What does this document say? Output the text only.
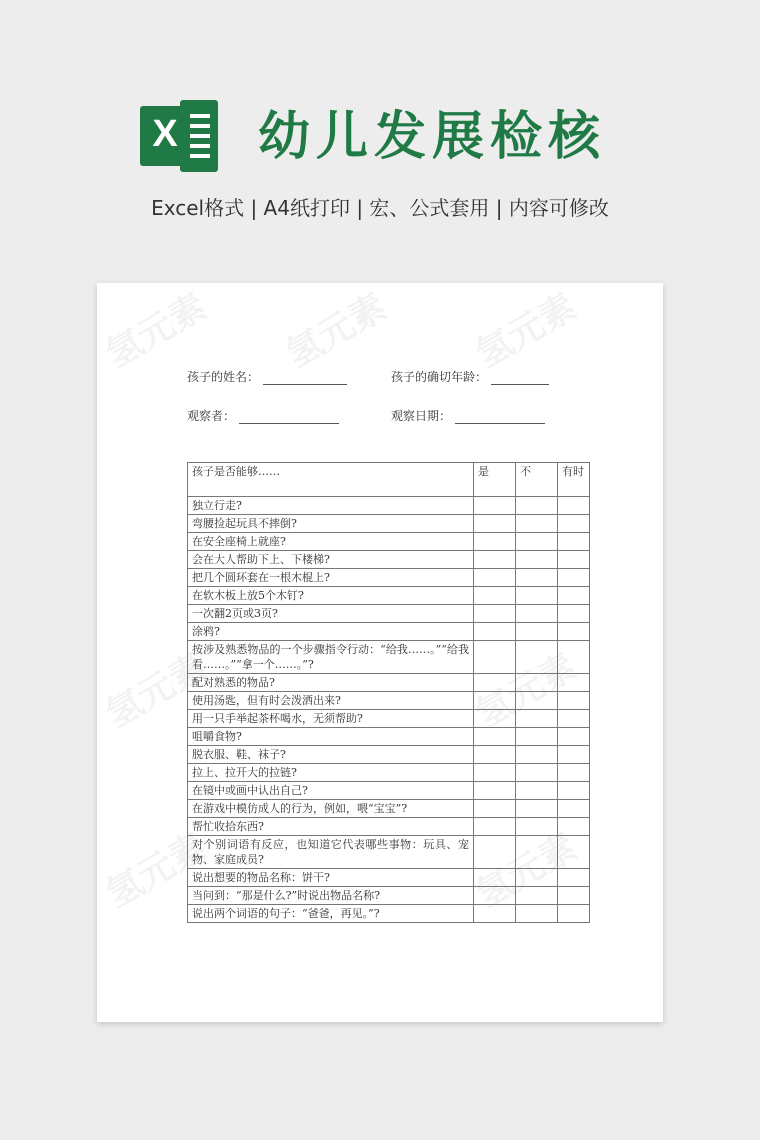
X 幼儿发展检核
Excel格式 | A4纸打印 | 宏、公式套用 | 内容可修改
氢元素 氢元素 氢元素
氢元素	氢元素
氢元素	氢元素
孩子的姓名：	孩子的确切年龄：
观察者：	观察日期：
孩子是否能够……	是	不	有时
独立行走?			
弯腰捡起玩具不摔倒?			
在安全座椅上就座?			
会在大人帮助下上、下楼梯?			
把几个圆环套在一根木棍上?			
在软木板上放5个木钉?			
一次翻2页或3页?			
涂鸦?			
按涉及熟悉物品的一个步骤指令行动：“给我……。”“给我看……。”“拿一个……。”?			
配对熟悉的物品?			
使用汤匙，但有时会泼洒出来?			
用一只手举起茶杯喝水，无须帮助?			
咀嚼食物?			
脱衣服、鞋、袜子?			
拉上、拉开大的拉链?			
在镜中或画中认出自己?			
在游戏中模仿成人的行为，例如，喂“宝宝”?			
帮忙收拾东西?			
对个别词语有反应，也知道它代表哪些事物：玩具、宠物、家庭成员?			
说出想要的物品名称：饼干?			
当问到：“那是什么?”时说出物品名称?			
说出两个词语的句子：“爸爸，再见。”?			
